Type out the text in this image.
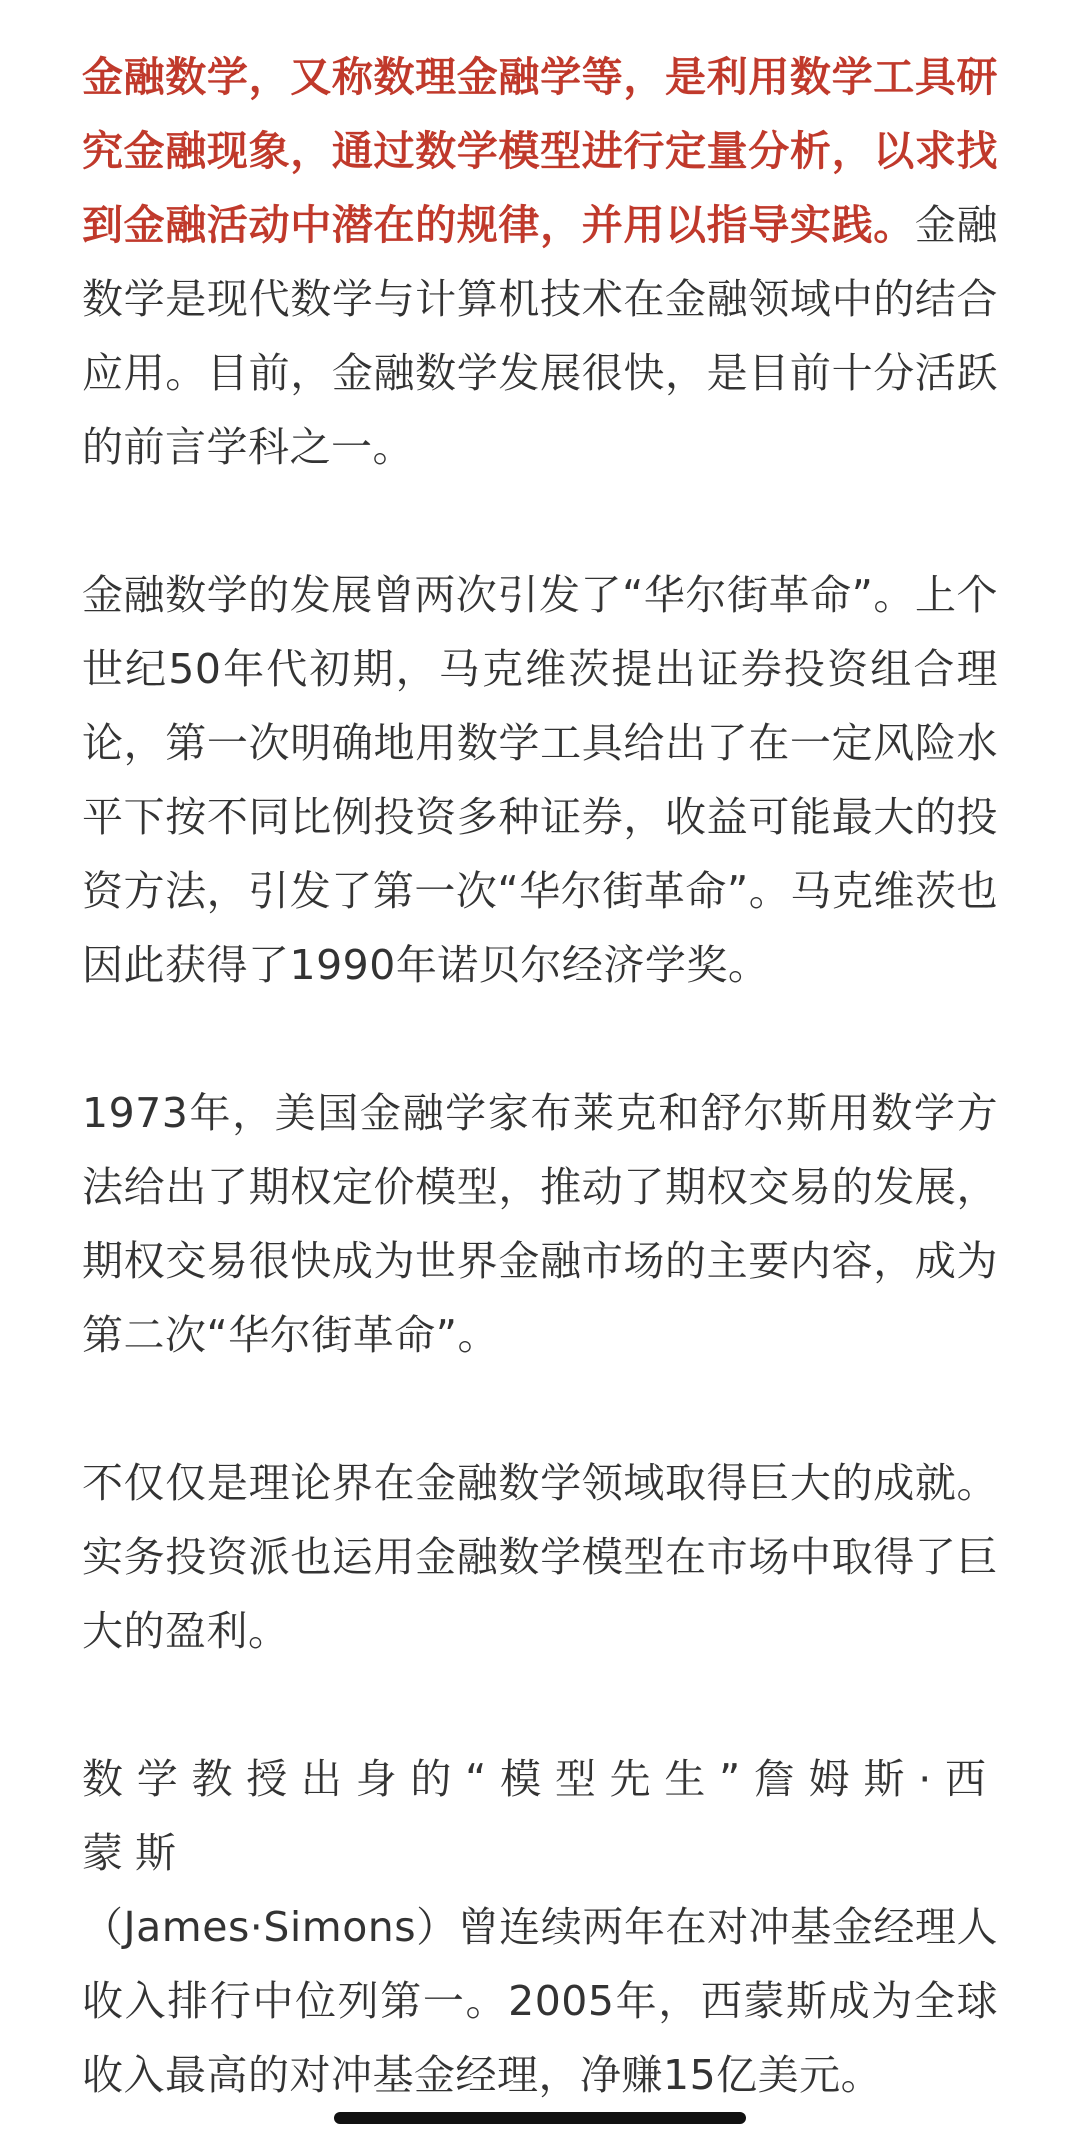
金融数学，又称数理金融学等，是利用数学工具研究金融现象，通过数学模型进行定量分析，以求找到金融活动中潜在的规律，并用以指导实践。金融数学是现代数学与计算机技术在金融领域中的结合应用。目前，金融数学发展很快，是目前十分活跃的前言学科之一。

金融数学的发展曾两次引发了“华尔街革命”。上个世纪50年代初期，马克维茨提出证券投资组合理论，第一次明确地用数学工具给出了在一定风险水平下按不同比例投资多种证券，收益可能最大的投资方法，引发了第一次“华尔街革命”。马克维茨也因此获得了1990年诺贝尔经济学奖。

1973年，美国金融学家布莱克和舒尔斯用数学方法给出了期权定价模型，推动了期权交易的发展，期权交易很快成为世界金融市场的主要内容，成为第二次“华尔街革命”。

不仅仅是理论界在金融数学领域取得巨大的成就。实务投资派也运用金融数学模型在市场中取得了巨大的盈利。

数学教授出身的“模型先生”詹姆斯·西蒙斯
（James·Simons）曾连续两年在对冲基金经理人收入排行中位列第一。2005年，西蒙斯成为全球收入最高的对冲基金经理，净赚15亿美元。
